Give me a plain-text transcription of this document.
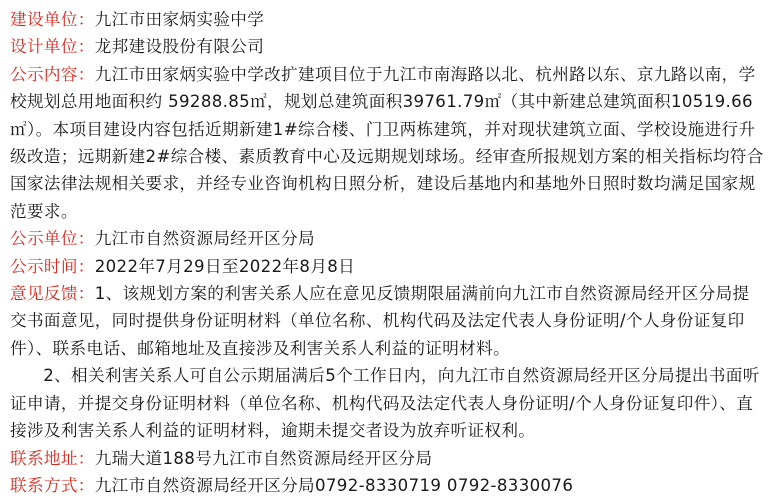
建设单位：九江市田家炳实验中学

设计单位：龙邦建设股份有限公司

公示内容：九江市田家炳实验中学改扩建项目位于九江市南海路以北、杭州路以东、京九路以南，学校规划总用地面积约 59288.85㎡，规划总建筑面积39761.79㎡（其中新建总建筑面积10519.66㎡）。本项目建设内容包括近期新建1#综合楼、门卫两栋建筑，并对现状建筑立面、学校设施进行升级改造；远期新建2#综合楼、素质教育中心及远期规划球场。经审查所报规划方案的相关指标均符合国家法律法规相关要求，并经专业咨询机构日照分析，建设后基地内和基地外日照时数均满足国家规范要求。

公示单位：九江市自然资源局经开区分局

公示时间：2022年7月29日至2022年8月8日

意见反馈：1、该规划方案的利害关系人应在意见反馈期限届满前向九江市自然资源局经开区分局提交书面意见，同时提供身份证明材料（单位名称、机构代码及法定代表人身份证明/个人身份证复印件）、联系电话、邮箱地址及直接涉及利害关系人利益的证明材料。

2、相关利害关系人可自公示期届满后5个工作日内，向九江市自然资源局经开区分局提出书面听证申请，并提交身份证明材料（单位名称、机构代码及法定代表人身份证明/个人身份证复印件）、直接涉及利害关系人利益的证明材料，逾期未提交者设为放弃听证权利。

联系地址：九瑞大道188号九江市自然资源局经开区分局

联系方式：九江市自然资源局经开区分局0792-8330719 0792-8330076
